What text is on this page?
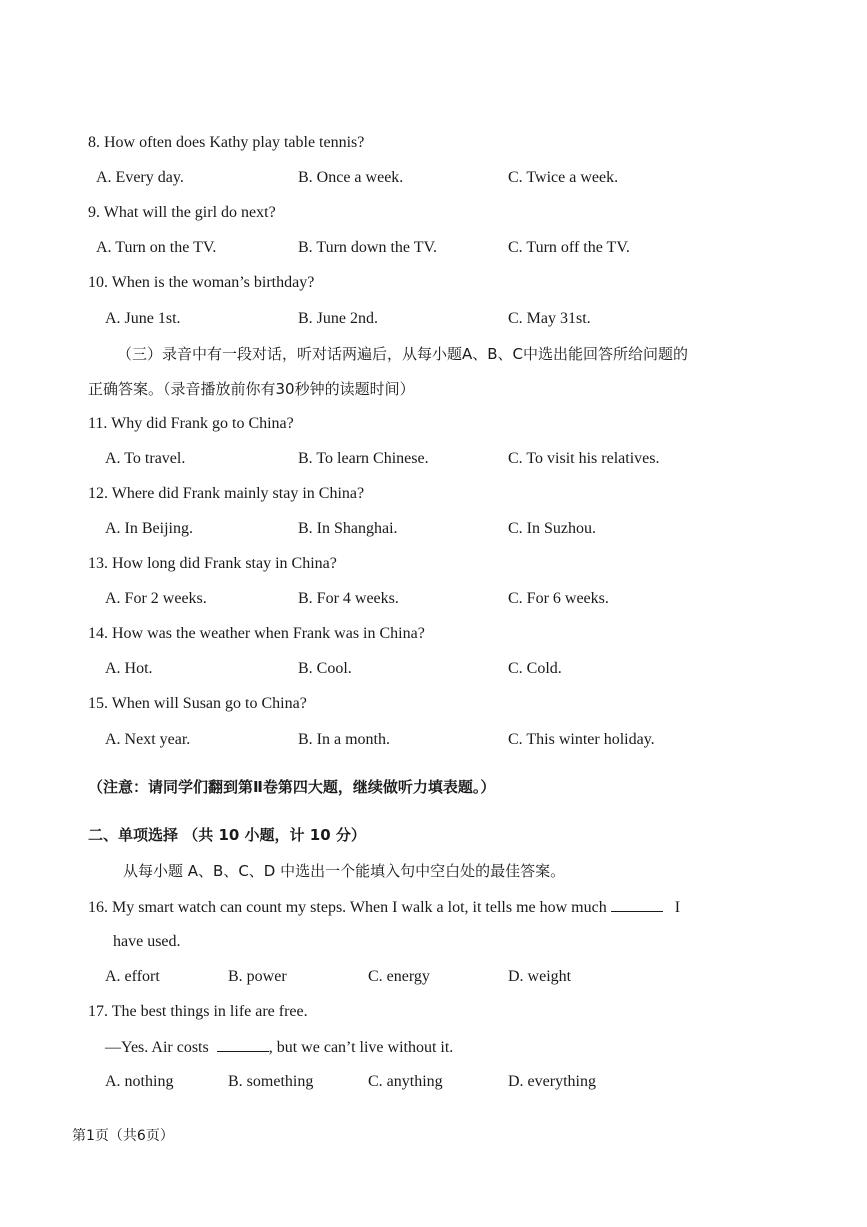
8. How often does Kathy play table tennis?
A. Every day.	B. Once a week.	C. Twice a week.
9. What will the girl do next?
A. Turn on the TV.	B. Turn down the TV.	C. Turn off the TV.
10. When is the woman’s birthday?
A. June 1st.	B. June 2nd.	C. May 31st.
（三）录音中有一段对话，听对话两遍后，从每小题A、B、C中选出能回答所给问题的
正确答案。（录音播放前你有30秒钟的读题时间）
11. Why did Frank go to China?
A. To travel.	B. To learn Chinese.	C. To visit his relatives.
12. Where did Frank mainly stay in China?
A. In Beijing.	B. In Shanghai.	C. In Suzhou.
13. How long did Frank stay in China?
A. For 2 weeks.	B. For 4 weeks.	C. For 6 weeks.
14. How was the weather when Frank was in China?
A. Hot.	B. Cool.	C. Cold.
15. When will Susan go to China?
A. Next year.	B. In a month.	C. This winter holiday.
（注意：请同学们翻到第Ⅱ卷第四大题，继续做听力填表题。）
二、单项选择 （共 10 小题，计 10 分）
从每小题 A、B、C、D 中选出一个能填入句中空白处的最佳答案。
16. My smart watch can count my steps. When I walk a lot, it tells me how much	I
have used.
A. effort	B. power	C. energy	D. weight
17. The best things in life are free.
—Yes. Air costs	, but we can’t live without it.
A. nothing	B. something	C. anything	D. everything
第1页（共6页）
